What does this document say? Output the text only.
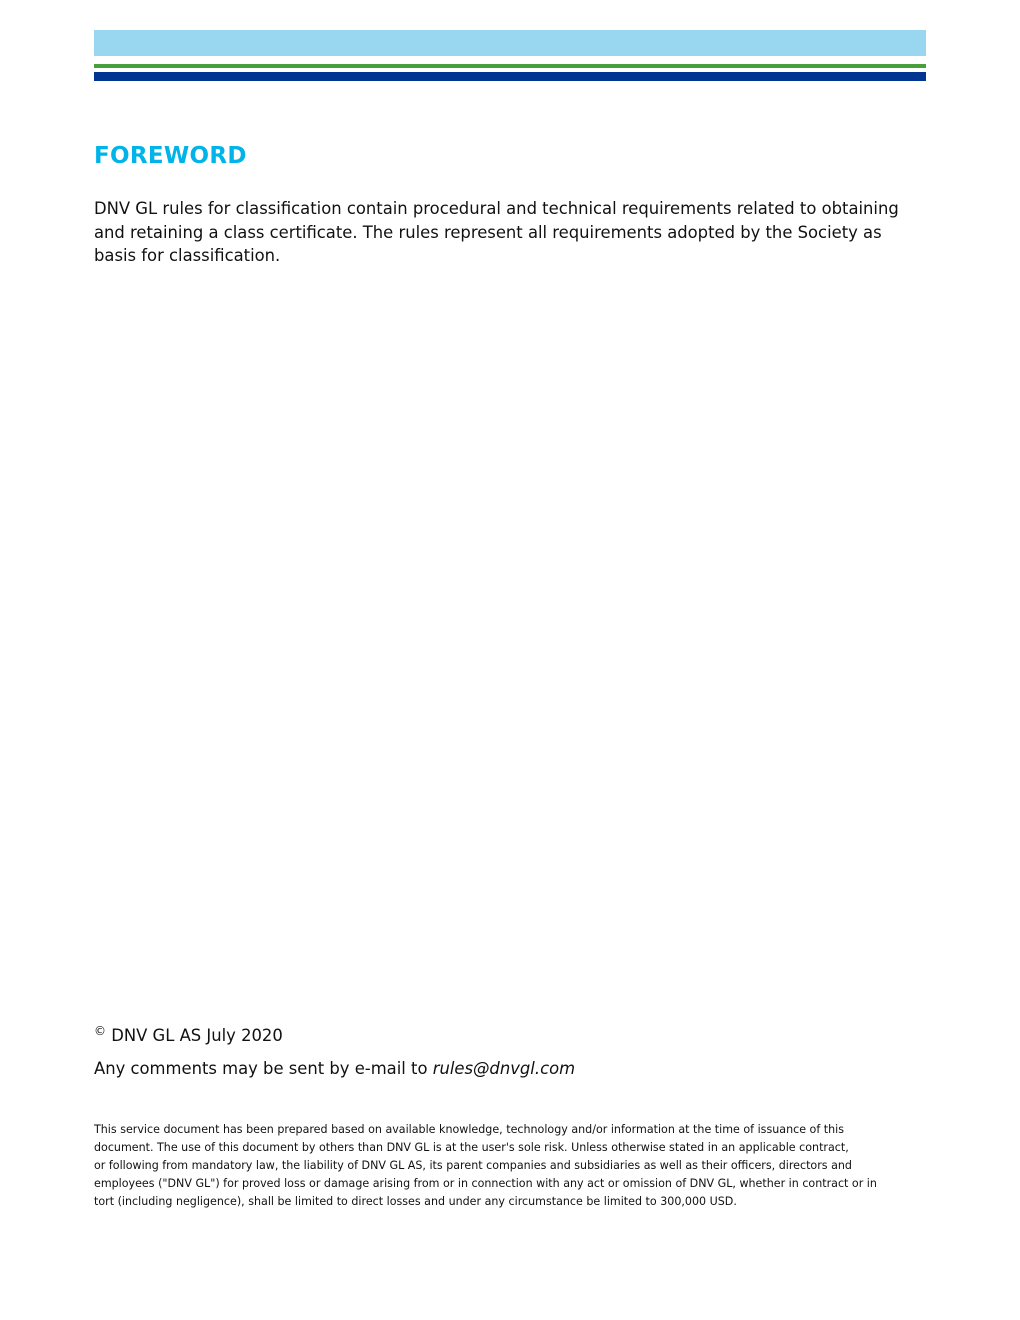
FOREWORD

DNV GL rules for classification contain procedural and technical requirements related to obtaining
and retaining a class certificate. The rules represent all requirements adopted by the Society as
basis for classification.

© DNV GL AS July 2020

Any comments may be sent by e-mail to rules@dnvgl.com

This service document has been prepared based on available knowledge, technology and/or information at the time of issuance of this
document. The use of this document by others than DNV GL is at the user's sole risk. Unless otherwise stated in an applicable contract,
or following from mandatory law, the liability of DNV GL AS, its parent companies and subsidiaries as well as their officers, directors and
employees ("DNV GL") for proved loss or damage arising from or in connection with any act or omission of DNV GL, whether in contract or in
tort (including negligence), shall be limited to direct losses and under any circumstance be limited to 300,000 USD.
